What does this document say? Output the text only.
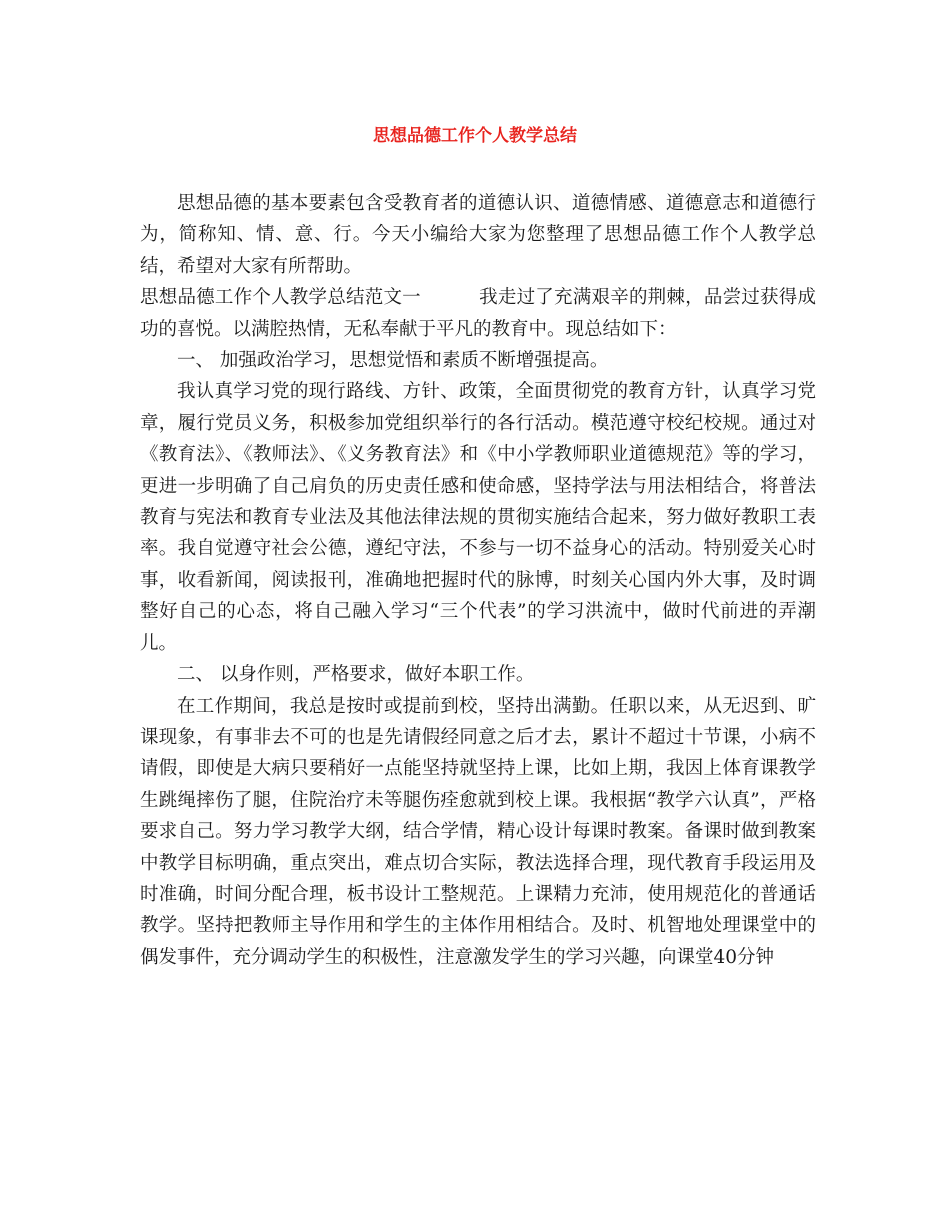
思想品德工作个人教学总结

思想品德的基本要素包含受教育者的道德认识、道德情感、道德意志和道德行为，简称知、情、意、行。今天小编给大家为您整理了思想品德工作个人教学总结，希望对大家有所帮助。

思想品德工作个人教学总结范文一	我走过了充满艰辛的荆棘，品尝过获得成功的喜悦。以满腔热情，无私奉献于平凡的教育中。现总结如下：

一、 加强政治学习，思想觉悟和素质不断增强提高。

我认真学习党的现行路线、方针、政策，全面贯彻党的教育方针，认真学习党章，履行党员义务，积极参加党组织举行的各行活动。模范遵守校纪校规。通过对《教育法》、《教师法》、《义务教育法》和《中小学教师职业道德规范》等的学习，更进一步明确了自己肩负的历史责任感和使命感，坚持学法与用法相结合，将普法教育与宪法和教育专业法及其他法律法规的贯彻实施结合起来，努力做好教职工表率。我自觉遵守社会公德，遵纪守法，不参与一切不益身心的活动。特别爱关心时事，收看新闻，阅读报刊，准确地把握时代的脉博，时刻关心国内外大事，及时调整好自己的心态，将自己融入学习“三个代表”的学习洪流中，做时代前进的弄潮儿。

二、 以身作则，严格要求，做好本职工作。

在工作期间，我总是按时或提前到校，坚持出满勤。任职以来，从无迟到、旷课现象，有事非去不可的也是先请假经同意之后才去，累计不超过十节课，小病不请假，即使是大病只要稍好一点能坚持就坚持上课，比如上期，我因上体育课教学生跳绳摔伤了腿，住院治疗未等腿伤痊愈就到校上课。我根据“教学六认真”，严格要求自己。努力学习教学大纲，结合学情，精心设计每课时教案。备课时做到教案中教学目标明确，重点突出，难点切合实际，教法选择合理，现代教育手段运用及时准确，时间分配合理，板书设计工整规范。上课精力充沛，使用规范化的普通话教学。坚持把教师主导作用和学生的主体作用相结合。及时、机智地处理课堂中的偶发事件，充分调动学生的积极性，注意激发学生的学习兴趣，向课堂40分钟
